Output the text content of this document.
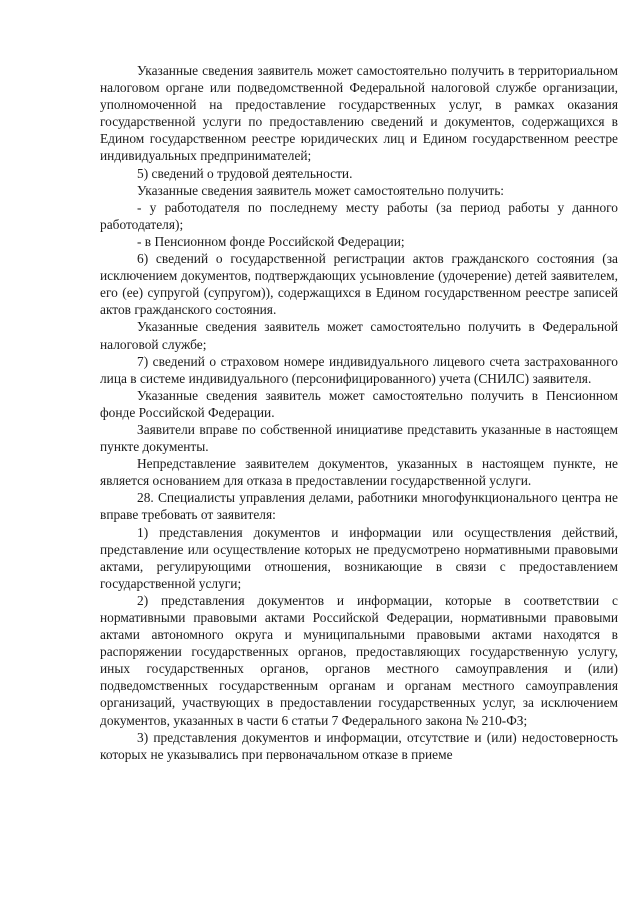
Указанные сведения заявитель может самостоятельно получить в территориальном налоговом органе или подведомственной Федеральной налоговой службе организации, уполномоченной на предоставление государственных услуг, в рамках оказания государственной услуги по предоставлению сведений и документов, содержащихся в Едином государственном реестре юридических лиц и Едином государственном реестре индивидуальных предпринимателей;

5) сведений о трудовой деятельности.

Указанные сведения заявитель может самостоятельно получить:

- у работодателя по последнему месту работы (за период работы у данного работодателя);

- в Пенсионном фонде Российской Федерации;

6) сведений о государственной регистрации актов гражданского состояния (за исключением документов, подтверждающих усыновление (удочерение) детей заявителем, его (ее) супругой (супругом)), содержащихся в Едином государственном реестре записей актов гражданского состояния.

Указанные сведения заявитель может самостоятельно получить в Федеральной налоговой службе;

7) сведений о страховом номере индивидуального лицевого счета застрахованного лица в системе индивидуального (персонифицированного) учета (СНИЛС) заявителя.

Указанные сведения заявитель может самостоятельно получить в Пенсионном фонде Российской Федерации.

Заявители вправе по собственной инициативе представить указанные в настоящем пункте документы.

Непредставление заявителем документов, указанных в настоящем пункте, не является основанием для отказа в предоставлении государственной услуги.

28. Специалисты управления делами, работники многофункционального центра не вправе требовать от заявителя:

1) представления документов и информации или осуществления действий, представление или осуществление которых не предусмотрено нормативными правовыми актами, регулирующими отношения, возникающие в связи с предоставлением государственной услуги;

2) представления документов и информации, которые в соответствии с нормативными правовыми актами Российской Федерации, нормативными правовыми актами автономного округа и муниципальными правовыми актами находятся в распоряжении государственных органов, предоставляющих государственную услугу, иных государственных органов, органов местного самоуправления и (или) подведомственных государственным органам и органам местного самоуправления организаций, участвующих в предоставлении государственных услуг, за исключением документов, указанных в части 6 статьи 7 Федерального закона № 210-ФЗ;

3) представления документов и информации, отсутствие и (или) недостоверность которых не указывались при первоначальном отказе в приеме
